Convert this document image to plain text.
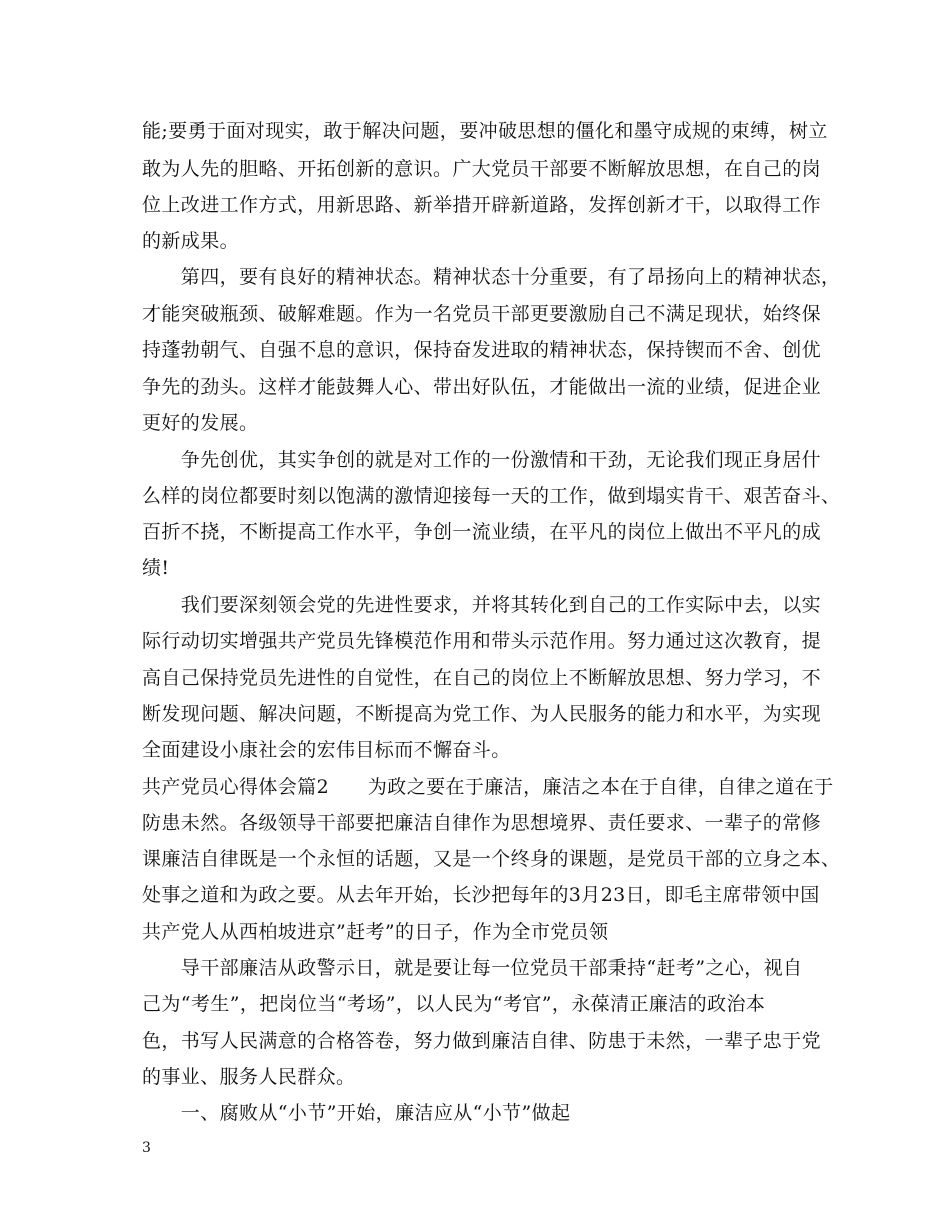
能;要勇于面对现实，敢于解决问题，要冲破思想的僵化和墨守成规的束缚，树立
敢为人先的胆略、开拓创新的意识。广大党员干部要不断解放思想，在自己的岗
位上改进工作方式，用新思路、新举措开辟新道路，发挥创新才干，以取得工作
的新成果。
　　第四，要有良好的精神状态。精神状态十分重要，有了昂扬向上的精神状态，
才能突破瓶颈、破解难题。作为一名党员干部更要激励自己不满足现状，始终保
持蓬勃朝气、自强不息的意识，保持奋发进取的精神状态，保持锲而不舍、创优
争先的劲头。这样才能鼓舞人心、带出好队伍，才能做出一流的业绩，促进企业
更好的发展。
　　争先创优，其实争创的就是对工作的一份激情和干劲，无论我们现正身居什
么样的岗位都要时刻以饱满的激情迎接每一天的工作，做到塌实肯干、艰苦奋斗、
百折不挠，不断提高工作水平，争创一流业绩，在平凡的岗位上做出不平凡的成
绩!
　　我们要深刻领会党的先进性要求，并将其转化到自己的工作实际中去，以实
际行动切实增强共产党员先锋模范作用和带头示范作用。努力通过这次教育，提
高自己保持党员先进性的自觉性，在自己的岗位上不断解放思想、努力学习，不
断发现问题、解决问题，不断提高为党工作、为人民服务的能力和水平，为实现
全面建设小康社会的宏伟目标而不懈奋斗。
共产党员心得体会篇2　　为政之要在于廉洁，廉洁之本在于自律，自律之道在于
防患未然。各级领导干部要把廉洁自律作为思想境界、责任要求、一辈子的常修
课廉洁自律既是一个永恒的话题，又是一个终身的课题，是党员干部的立身之本、
处事之道和为政之要。从去年开始，长沙把每年的3月23日，即毛主席带领中国
共产党人从西柏坡进京”赶考”的日子，作为全市党员领
　　导干部廉洁从政警示日，就是要让每一位党员干部秉持“赶考”之心，视自
己为“考生”，把岗位当“考场”，以人民为“考官”，永葆清正廉洁的政治本
色，书写人民满意的合格答卷，努力做到廉洁自律、防患于未然，一辈子忠于党
的事业、服务人民群众。
　　一、腐败从“小节”开始，廉洁应从“小节”做起
3
